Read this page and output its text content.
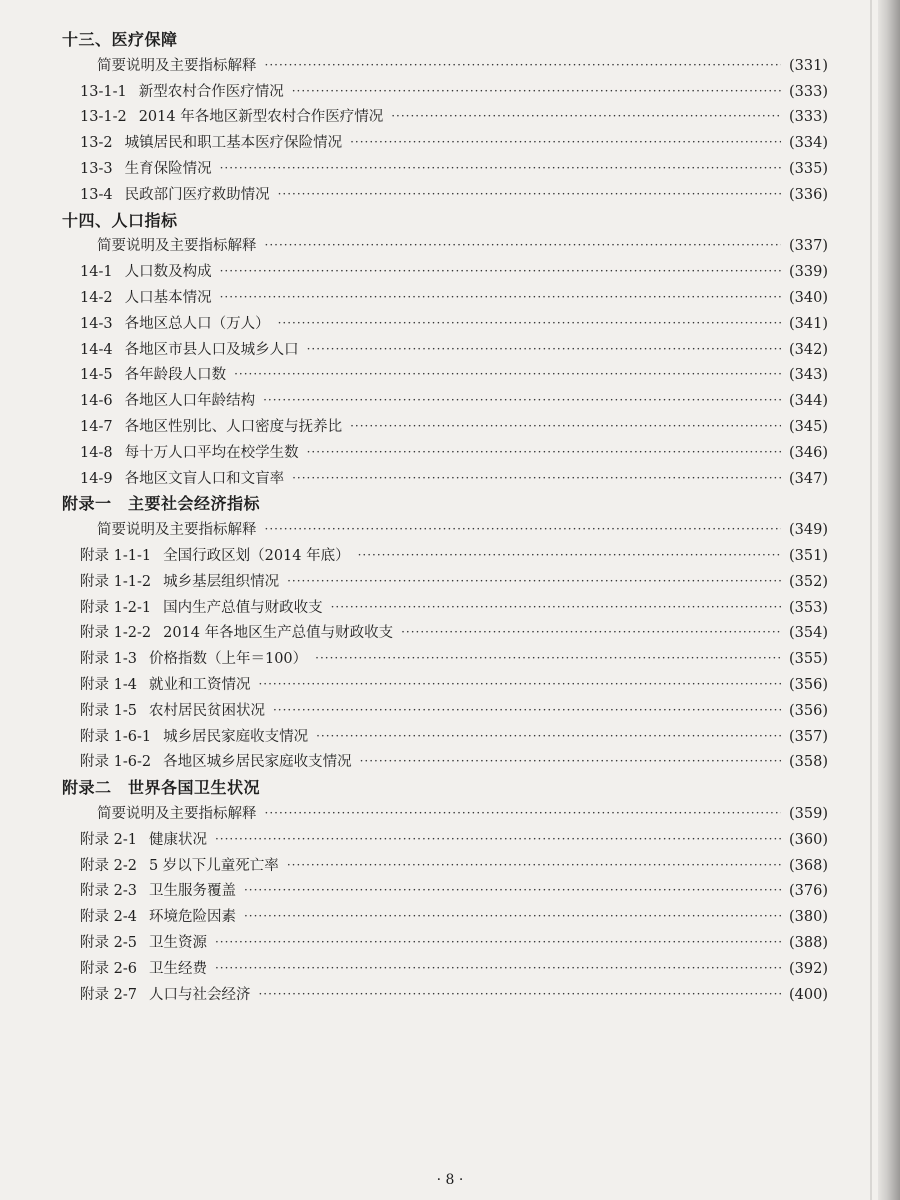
十三、医疗保障
简要说明及主要指标解释 ·····	(331)
13-1-1 新型农村合作医疗情况 ·····	(333)
13-1-2 2014 年各地区新型农村合作医疗情况 ·····	(333)
13-2 城镇居民和职工基本医疗保险情况 ·····	(334)
13-3 生育保险情况 ·····	(335)
13-4 民政部门医疗救助情况 ·····	(336)
十四、人口指标
简要说明及主要指标解释 ·····	(337)
14-1 人口数及构成 ·····	(339)
14-2 人口基本情况 ·····	(340)
14-3 各地区总人口（万人） ·····	(341)
14-4 各地区市县人口及城乡人口 ·····	(342)
14-5 各年龄段人口数 ·····	(343)
14-6 各地区人口年龄结构 ·····	(344)
14-7 各地区性别比、人口密度与抚养比 ·····	(345)
14-8 每十万人口平均在校学生数 ·····	(346)
14-9 各地区文盲人口和文盲率 ·····	(347)
附录一　主要社会经济指标
简要说明及主要指标解释 ·····	(349)
附录 1-1-1 全国行政区划（2014 年底） ·····	(351)
附录 1-1-2 城乡基层组织情况 ·····	(352)
附录 1-2-1 国内生产总值与财政收支 ·····	(353)
附录 1-2-2 2014 年各地区生产总值与财政收支 ·····	(354)
附录 1-3 价格指数（上年＝100） ·····	(355)
附录 1-4 就业和工资情况 ·····	(356)
附录 1-5 农村居民贫困状况 ·····	(356)
附录 1-6-1 城乡居民家庭收支情况 ·····	(357)
附录 1-6-2 各地区城乡居民家庭收支情况 ·····	(358)
附录二　世界各国卫生状况
简要说明及主要指标解释 ·····	(359)
附录 2-1 健康状况 ·····	(360)
附录 2-2 5 岁以下儿童死亡率 ·····	(368)
附录 2-3 卫生服务覆盖 ·····	(376)
附录 2-4 环境危险因素 ·····	(380)
附录 2-5 卫生资源 ·····	(388)
附录 2-6 卫生经费 ·····	(392)
附录 2-7 人口与社会经济 ·····	(400)
· 8 ·
